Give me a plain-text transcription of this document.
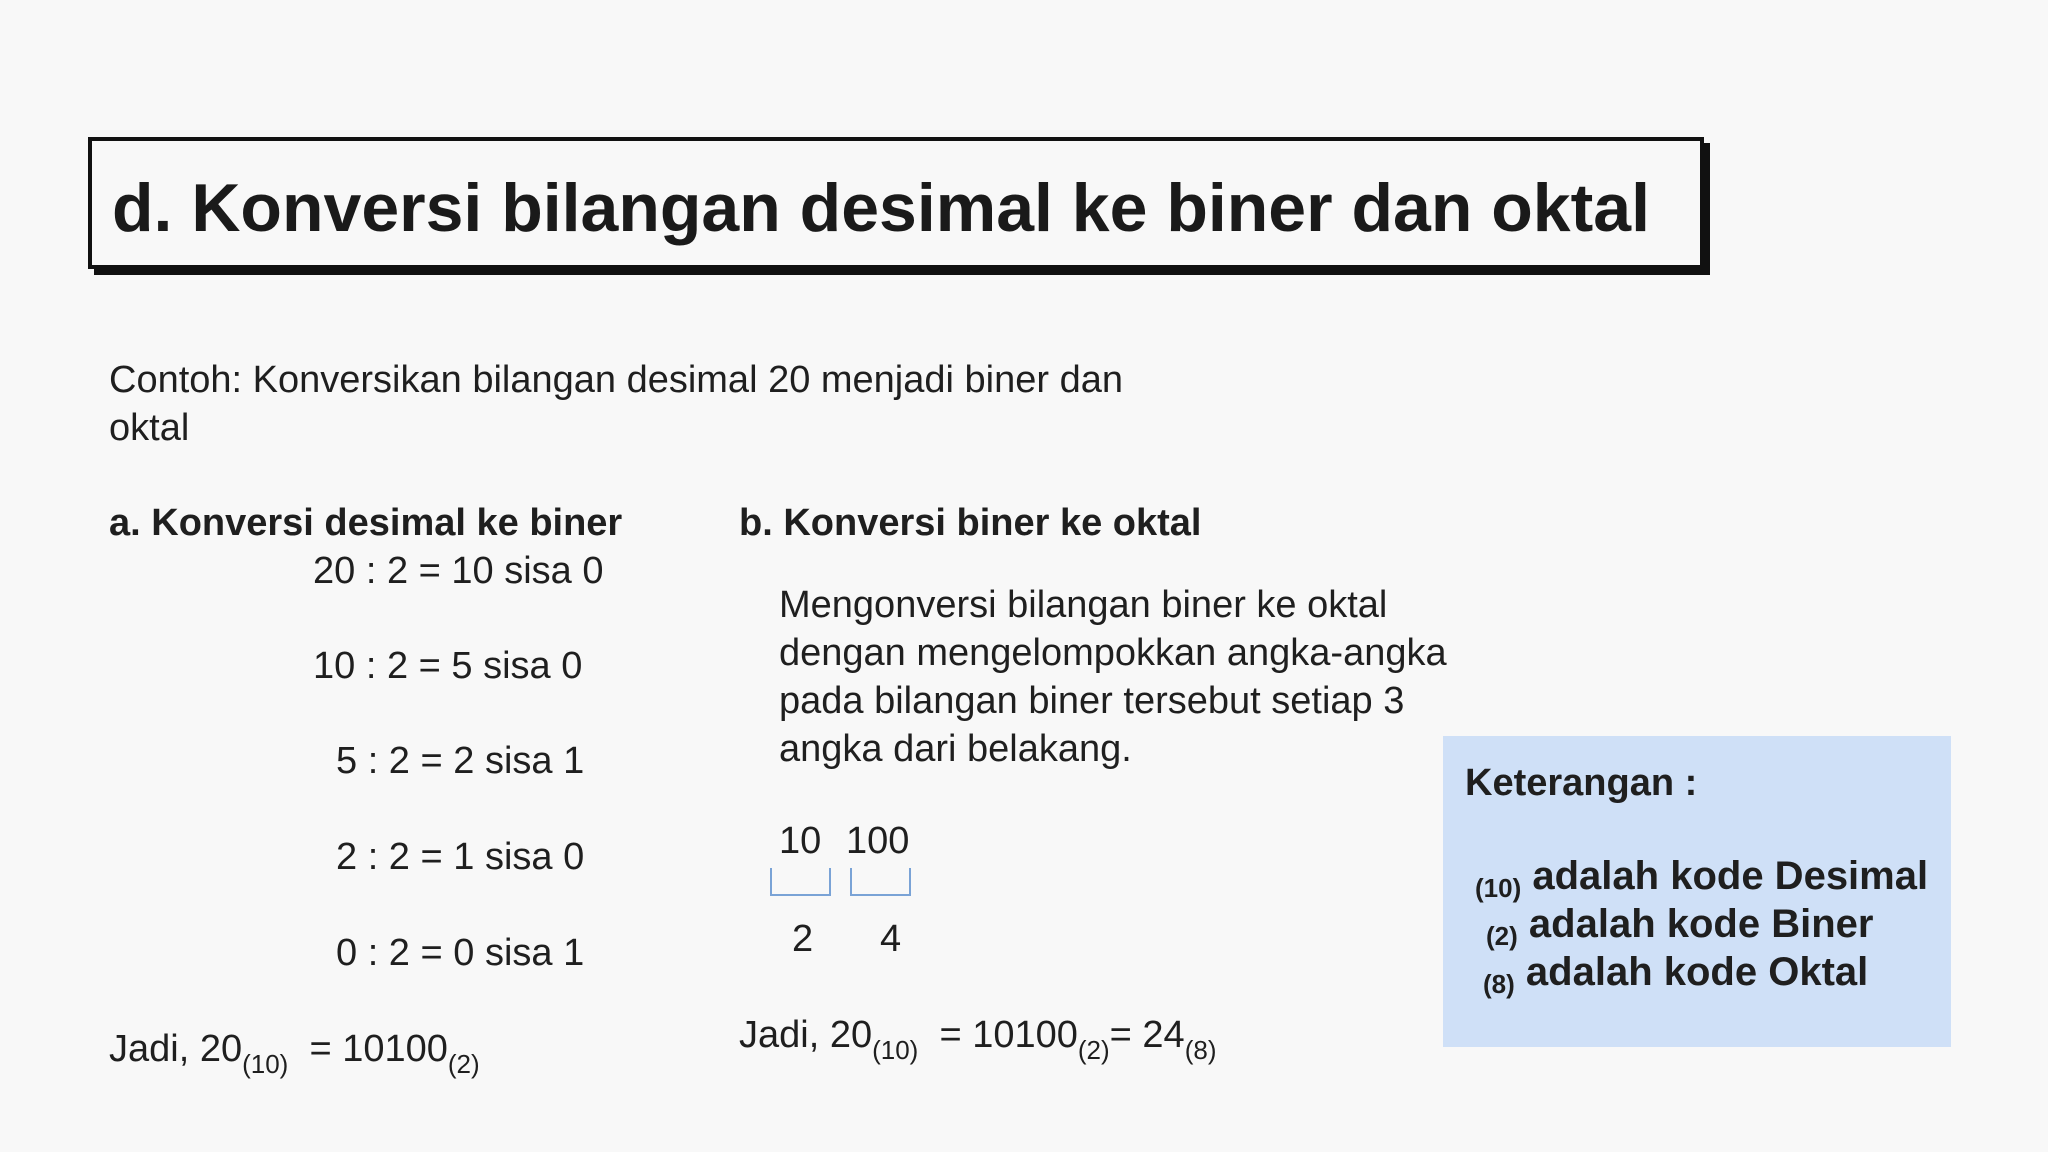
d. Konversi bilangan desimal ke biner dan oktal
Contoh: Konversikan bilangan desimal 20 menjadi biner dan
oktal
a. Konversi desimal ke biner
20 : 2 = 10 sisa 0
10 : 2 = 5 sisa 0
5 : 2 = 2 sisa 1
2 : 2 = 1 sisa 0
0 : 2 = 0 sisa 1
Jadi, $20_{(10)} = 10100_{(2)}$
b. Konversi biner ke oktal
Mengonversi bilangan biner ke oktal
dengan mengelompokkan angka-angka
pada bilangan biner tersebut setiap 3
angka dari belakang.
10 100
2 4
Jadi, $20_{(10)} = 10100_{(2)}= 24_{(8)}$
Keterangan :
(10) adalah kode Desimal
(2) adalah kode Biner
(8) adalah kode Oktal
